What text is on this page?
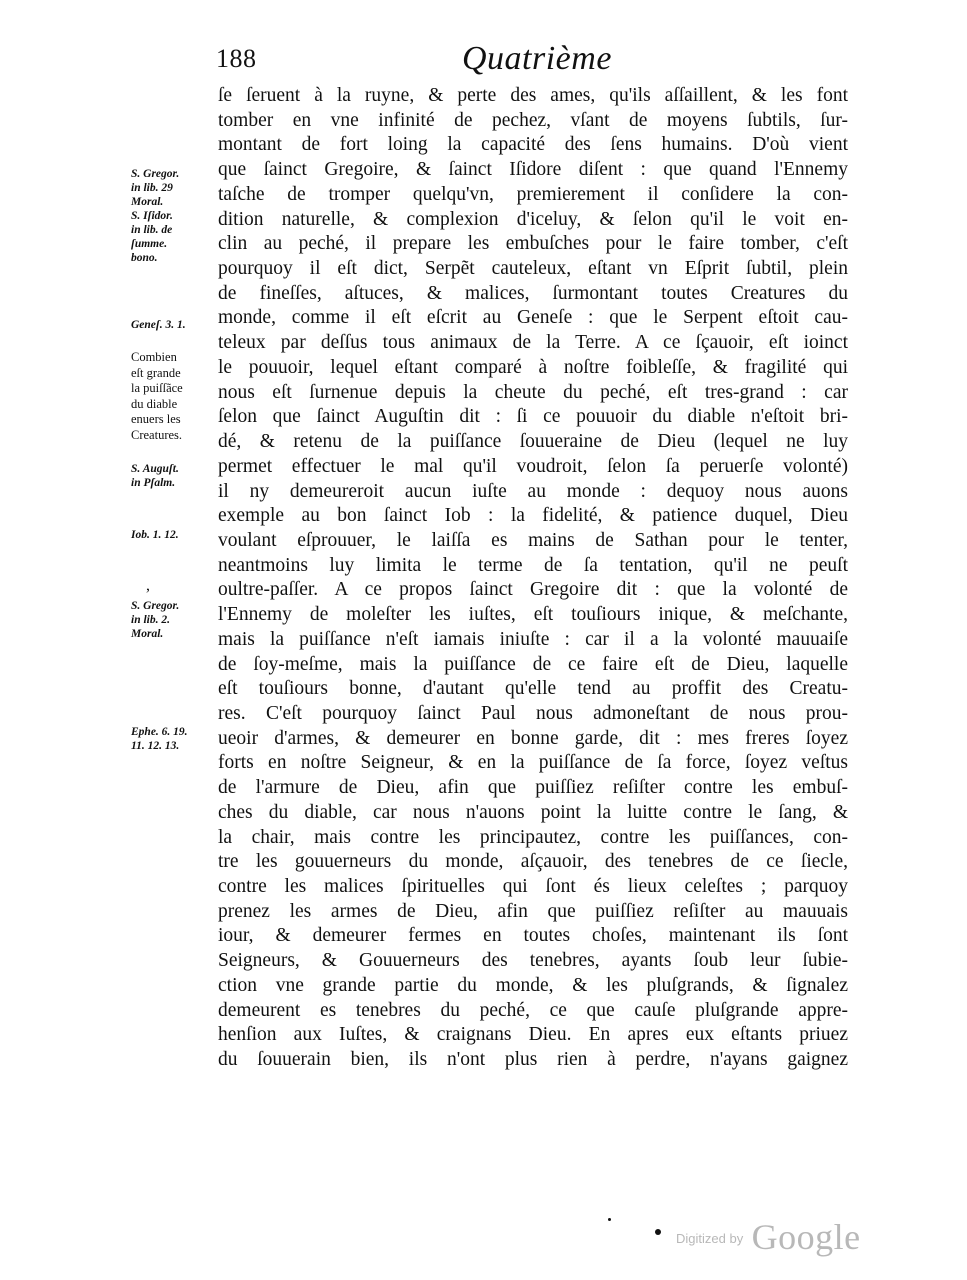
188	Quatrième
ſe ſeruent à la ruyne, & perte des ames, qu'ils aſſaillent, & les font
tomber en vne infinité de pechez, vſant de moyens ſubtils, ſur-
montant de fort loing la capacité des ſens humains. D'où vient
que ſainct Gregoire, & ſainct Iſidore diſent : que quand l'Ennemy
taſche de tromper quelqu'vn, premierement il conſidere la con-
dition naturelle, & complexion d'iceluy, & ſelon qu'il le voit en-
clin au peché, il prepare les embuſches pour le faire tomber, c'eſt
pourquoy il eſt dict, Serpẽt cauteleux, eſtant vn Eſprit ſubtil, plein
de fineſſes, aſtuces, & malices, ſurmontant toutes Creatures du
monde, comme il eſt eſcrit au Geneſe : que le Serpent eſtoit cau-
teleux par deſſus tous animaux de la Terre. A ce ſçauoir, eſt ioinct
le pouuoir, lequel eſtant comparé à noſtre foibleſſe, & fragilité qui
nous eſt ſurnenue depuis la cheute du peché, eſt tres-grand : car
ſelon que ſainct Auguſtin dit : ſi ce pouuoir du diable n'eſtoit bri-
dé, & retenu de la puiſſance ſouueraine de Dieu (lequel ne luy
permet effectuer le mal qu'il voudroit, ſelon ſa peruerſe volonté)
il ny demeureroit aucun iuſte au monde : dequoy nous auons
exemple au bon ſainct Iob : la fidelité, & patience duquel, Dieu
voulant eſprouuer, le laiſſa es mains de Sathan pour le tenter,
neantmoins luy limita le terme de ſa tentation, qu'il ne peuſt
oultre-paſſer. A ce propos ſainct Gregoire dit : que la volonté de
l'Ennemy de moleſter les iuſtes, eſt touſiours inique, & meſchante,
mais la puiſſance n'eſt iamais iniuſte : car il a la volonté mauuaiſe
de ſoy-meſme, mais la puiſſance de ce faire eſt de Dieu, laquelle
eſt touſiours bonne, d'autant qu'elle tend au proffit des Creatu-
res. C'eſt pourquoy ſainct Paul nous admoneſtant de nous prou-
ueoir d'armes, & demeurer en bonne garde, dit : mes freres ſoyez
forts en noſtre Seigneur, & en la puiſſance de ſa force, ſoyez veſtus
de l'armure de Dieu, afin que puiſſiez reſiſter contre les embuſ-
ches du diable, car nous n'auons point la luitte contre le ſang, &
la chair, mais contre les principautez, contre les puiſſances, con-
tre les gouuerneurs du monde, aſçauoir, des tenebres de ce ſiecle,
contre les malices ſpirituelles qui ſont és lieux celeſtes ; parquoy
prenez les armes de Dieu, afin que puiſſiez reſiſter au mauuais
iour, & demeurer fermes en toutes choſes, maintenant ils ſont
Seigneurs, & Gouuerneurs des tenebres, ayants ſoub leur ſubie-
ction vne grande partie du monde, & les pluſgrands, & ſignalez
demeurent es tenebres du peché, ce que cauſe pluſgrande appre-
henſion aux Iuſtes, & craignans Dieu. En apres eux eſtants priuez
du ſouuerain bien, ils n'ont plus rien à perdre, n'ayans gaignez
S. Gregor.
in lib. 29
Moral.
S. Iſidor.
in lib. de
ſumme.
bono.
Geneſ. 3. 1.
Combien
eſt grande
la puiſſãce
du diable
enuers les
Creatures.
S. Auguſt.
in Pſalm.
Iob. 1. 12.
,
S. Gregor.
in lib. 2.
Moral.
Ephe. 6. 19.
11. 12. 13.
$^{Digitized by}$ Google
